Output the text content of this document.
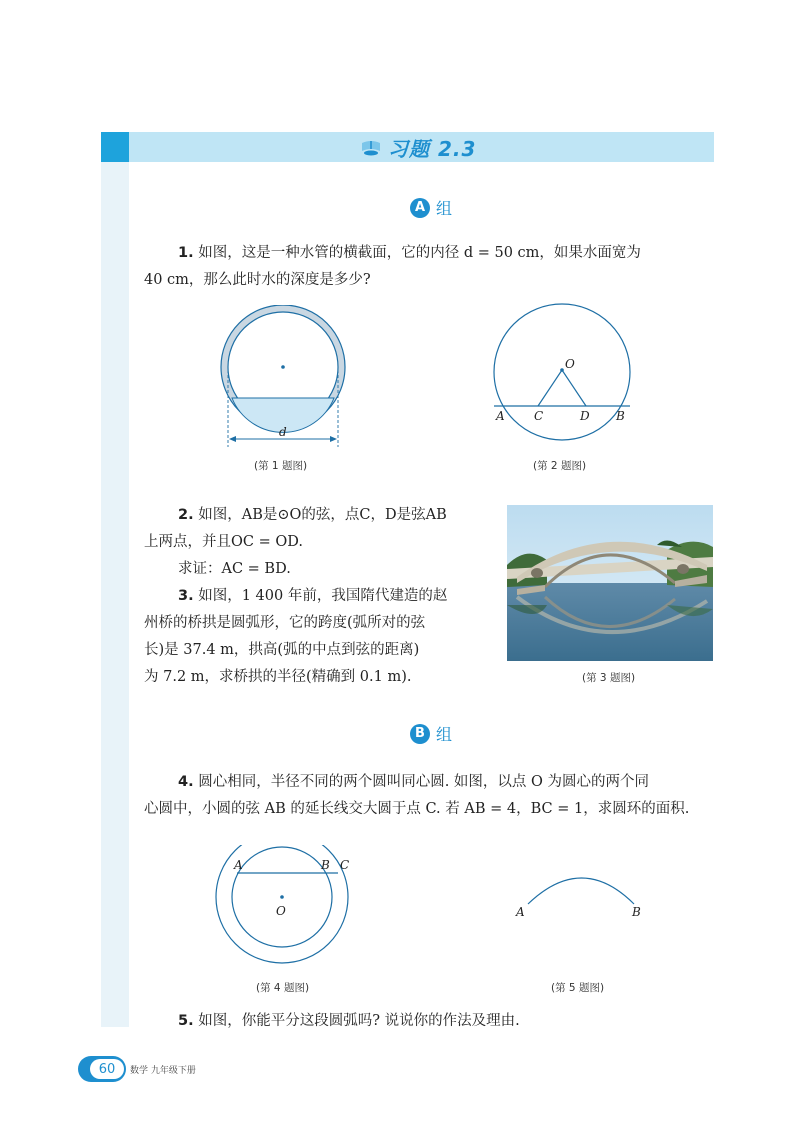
习题 2.3
A 组

1. 如图，这是一种水管的横截面，它的内径 d = 50 cm，如果水面宽为

40 cm，那么此时水的深度是多少?

d
(第 1 题图)
O
A C	D B
(第 2 题图)

2. 如图，AB是⊙O的弦，点C，D是弦AB

上两点，并且OC = OD.

求证：AC = BD.

3. 如图，1 400 年前，我国隋代建造的赵

州桥的桥拱是圆弧形，它的跨度(弧所对的弦

长)是 37.4 m，拱高(弧的中点到弦的距离)

为 7.2 m，求桥拱的半径(精确到 0.1 m).	(第 3 题图)
B 组

4. 圆心相同，半径不同的两个圆叫同心圆. 如图，以点 O 为圆心的两个同

心圆中，小圆的弦 AB 的延长线交大圆于点 C. 若 AB = 4，BC = 1，求圆环的面积.

A	B C
O
(第 4 题图)
A	B
(第 5 题图)

5. 如图，你能平分这段圆弧吗? 说说你的作法及理由.

60	数学 九年级下册
